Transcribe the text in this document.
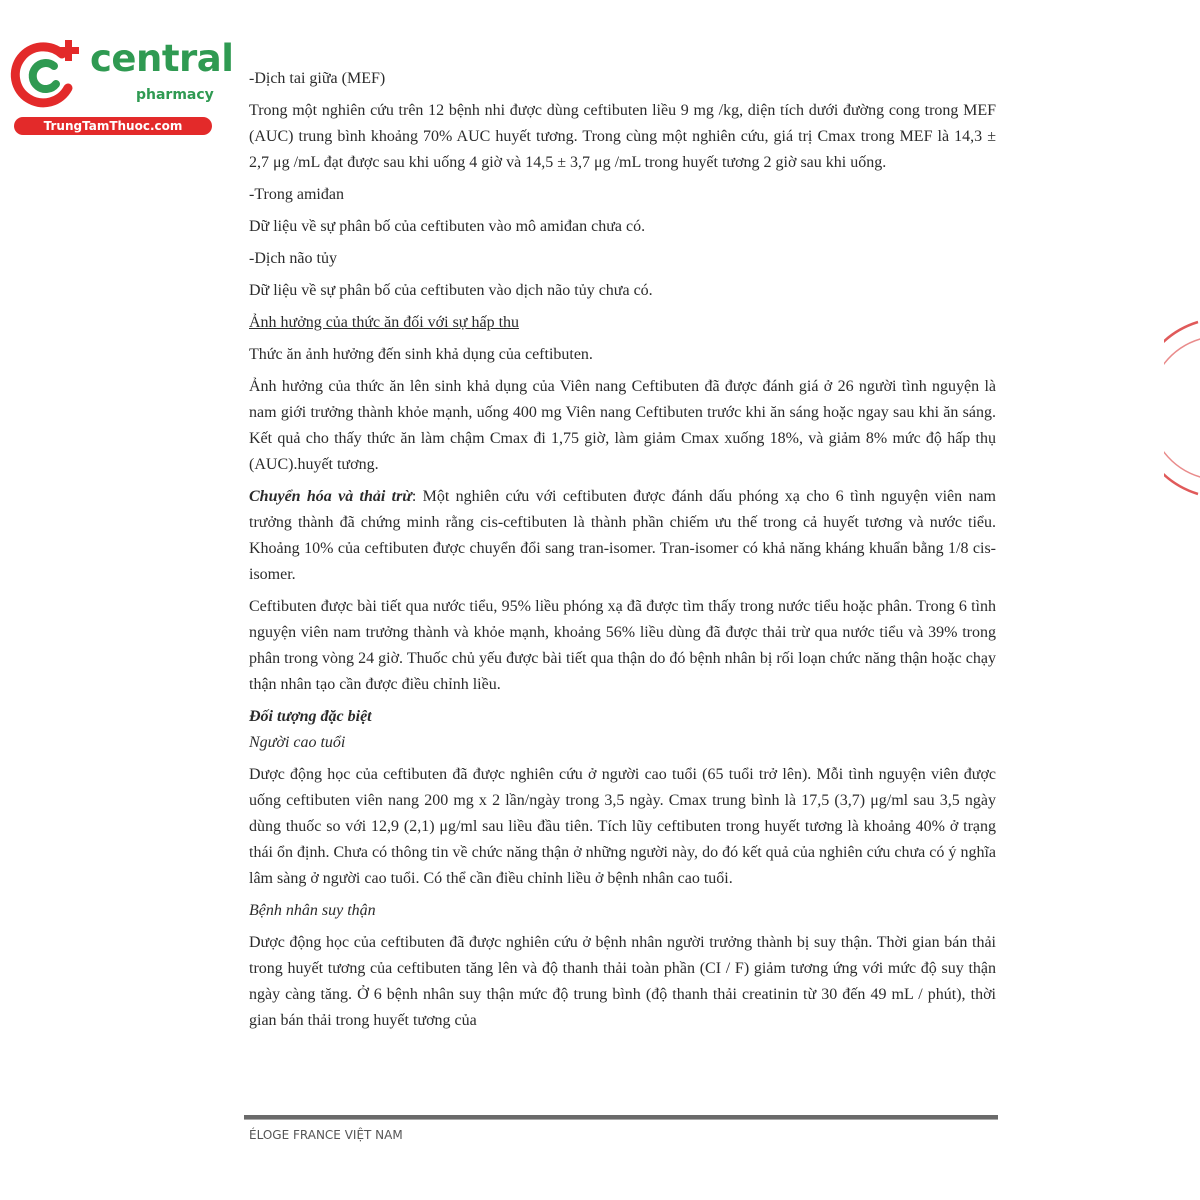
central
pharmacy
TrungTamThuoc.com

-Dịch tai giữa (MEF)

Trong một nghiên cứu trên 12 bệnh nhi được dùng ceftibuten liều 9 mg /kg, diện tích dưới đường cong trong MEF (AUC) trung bình khoảng 70% AUC huyết tương. Trong cùng một nghiên cứu, giá trị Cmax trong MEF là 14,3 ± 2,7 μg /mL đạt được sau khi uống 4 giờ và 14,5 ± 3,7 μg /mL trong huyết tương 2 giờ sau khi uống.

-Trong amiđan

Dữ liệu về sự phân bố của ceftibuten vào mô amiđan chưa có.

-Dịch não tủy

Dữ liệu về sự phân bố của ceftibuten vào dịch não tủy chưa có.

Ảnh hưởng của thức ăn đối với sự hấp thu

Thức ăn ảnh hưởng đến sinh khả dụng của ceftibuten.

Ảnh hưởng của thức ăn lên sinh khả dụng của Viên nang Ceftibuten đã được đánh giá ở 26 người tình nguyện là nam giới trưởng thành khỏe mạnh, uống 400 mg Viên nang Ceftibuten trước khi ăn sáng hoặc ngay sau khi ăn sáng. Kết quả cho thấy thức ăn làm chậm Cmax đi 1,75 giờ, làm giảm Cmax xuống 18%, và giảm 8% mức độ hấp thụ (AUC).huyết tương.

Chuyển hóa và thải trừ: Một nghiên cứu với ceftibuten được đánh dấu phóng xạ cho 6 tình nguyện viên nam trưởng thành đã chứng minh rằng cis-ceftibuten là thành phần chiếm ưu thế trong cả huyết tương và nước tiểu. Khoảng 10% của ceftibuten được chuyển đổi sang tran-isomer. Tran-isomer có khả năng kháng khuẩn bằng 1/8 cis-isomer.

Ceftibuten được bài tiết qua nước tiểu, 95% liều phóng xạ đã được tìm thấy trong nước tiểu hoặc phân. Trong 6 tình nguyện viên nam trưởng thành và khỏe mạnh, khoảng 56% liều dùng đã được thải trừ qua nước tiểu và 39% trong phân trong vòng 24 giờ. Thuốc chủ yếu được bài tiết qua thận do đó bệnh nhân bị rối loạn chức năng thận hoặc chạy thận nhân tạo cần được điều chỉnh liều.

Đối tượng đặc biệt

Người cao tuổi

Dược động học của ceftibuten đã được nghiên cứu ở người cao tuổi (65 tuổi trở lên). Mỗi tình nguyện viên được uống ceftibuten viên nang 200 mg x 2 lần/ngày trong 3,5 ngày. Cmax trung bình là 17,5 (3,7) μg/ml sau 3,5 ngày dùng thuốc so với 12,9 (2,1) μg/ml sau liều đầu tiên. Tích lũy ceftibuten trong huyết tương là khoảng 40% ở trạng thái ổn định. Chưa có thông tin về chức năng thận ở những người này, do đó kết quả của nghiên cứu chưa có ý nghĩa lâm sàng ở người cao tuổi. Có thể cần điều chỉnh liều ở bệnh nhân cao tuổi.

Bệnh nhân suy thận

Dược động học của ceftibuten đã được nghiên cứu ở bệnh nhân người trưởng thành bị suy thận. Thời gian bán thải trong huyết tương của ceftibuten tăng lên và độ thanh thải toàn phần (CI / F) giảm tương ứng với mức độ suy thận ngày càng tăng. Ở 6 bệnh nhân suy thận mức độ trung bình (độ thanh thải creatinin từ 30 đến 49 mL / phút), thời gian bán thải trong huyết tương của

ÉLOGE FRANCE VIỆT NAM
